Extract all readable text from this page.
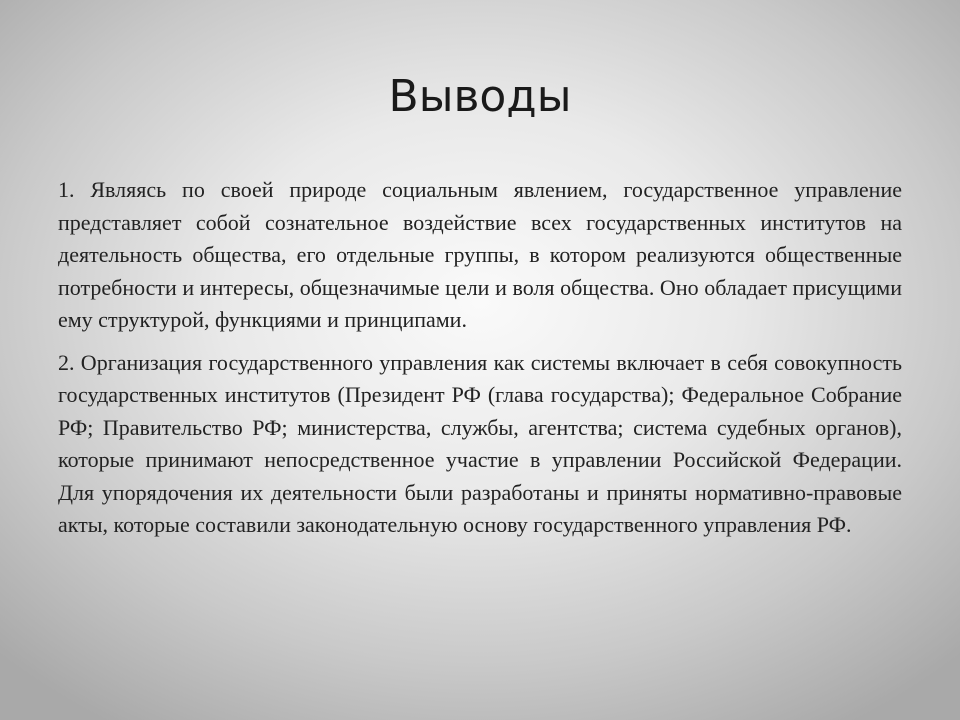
Выводы

1. Являясь по своей природе социальным явлением, государственное управление представляет собой сознательное воздействие всех государственных институтов на деятельность общества, его отдельные группы, в котором реализуются общественные потребности и интересы, общезначимые цели и воля общества. Оно обладает присущими ему структурой, функциями и принципами.

2. Организация государственного управления как системы включает в себя совокупность государственных институтов (Президент РФ (глава государства); Федеральное Собрание РФ; Правительство РФ; министерства, службы, агентства; система судебных органов), которые принимают непосредственное участие в управлении Российской Федерации. Для упорядочения их деятельности были разработаны и приняты нормативно-правовые акты, которые составили законодательную основу государственного управления РФ.
